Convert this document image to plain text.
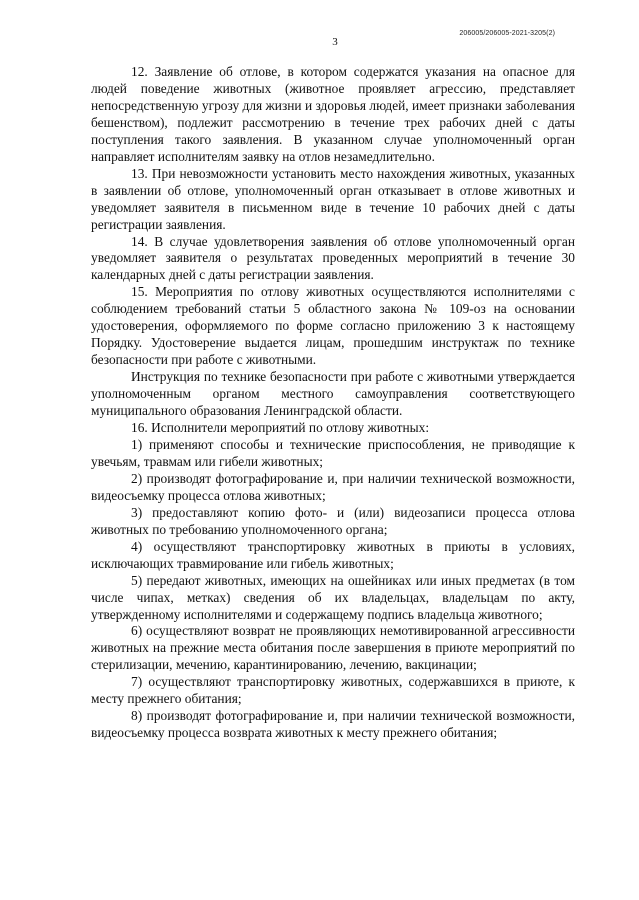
206005/206005-2021-3205(2)
3

12. Заявление об отлове, в котором содержатся указания на опасное для людей поведение животных (животное проявляет агрессию, представляет непосредственную угрозу для жизни и здоровья людей, имеет признаки заболевания бешенством), подлежит рассмотрению в течение трех рабочих дней с даты поступления такого заявления. В указанном случае уполномоченный орган направляет исполнителям заявку на отлов незамедлительно.

13. При невозможности установить место нахождения животных, указанных в заявлении об отлове, уполномоченный орган отказывает в отлове животных и уведомляет заявителя в письменном виде в течение 10 рабочих дней с даты регистрации заявления.

14. В случае удовлетворения заявления об отлове уполномоченный орган уведомляет заявителя о результатах проведенных мероприятий в течение 30 календарных дней с даты регистрации заявления.

15. Мероприятия по отлову животных осуществляются исполнителями с соблюдением требований статьи 5 областного закона № 109-оз на основании удостоверения, оформляемого по форме согласно приложению 3 к настоящему Порядку. Удостоверение выдается лицам, прошедшим инструктаж по технике безопасности при работе с животными.

Инструкция по технике безопасности при работе с животными утверждается уполномоченным органом местного самоуправления соответствующего муниципального образования Ленинградской области.

16. Исполнители мероприятий по отлову животных:

1) применяют способы и технические приспособления, не приводящие к увечьям, травмам или гибели животных;

2) производят фотографирование и, при наличии технической возможности, видеосъемку процесса отлова животных;

3) предоставляют копию фото- и (или) видеозаписи процесса отлова животных по требованию уполномоченного органа;

4) осуществляют транспортировку животных в приюты в условиях, исключающих травмирование или гибель животных;

5) передают животных, имеющих на ошейниках или иных предметах (в том числе чипах, метках) сведения об их владельцах, владельцам по акту, утвержденному исполнителями и содержащему подпись владельца животного;

6) осуществляют возврат не проявляющих немотивированной агрессивности животных на прежние места обитания после завершения в приюте мероприятий по стерилизации, мечению, карантинированию, лечению, вакцинации;

7) осуществляют транспортировку животных, содержавшихся в приюте, к месту прежнего обитания;

8) производят фотографирование и, при наличии технической возможности, видеосъемку процесса возврата животных к месту прежнего обитания;
